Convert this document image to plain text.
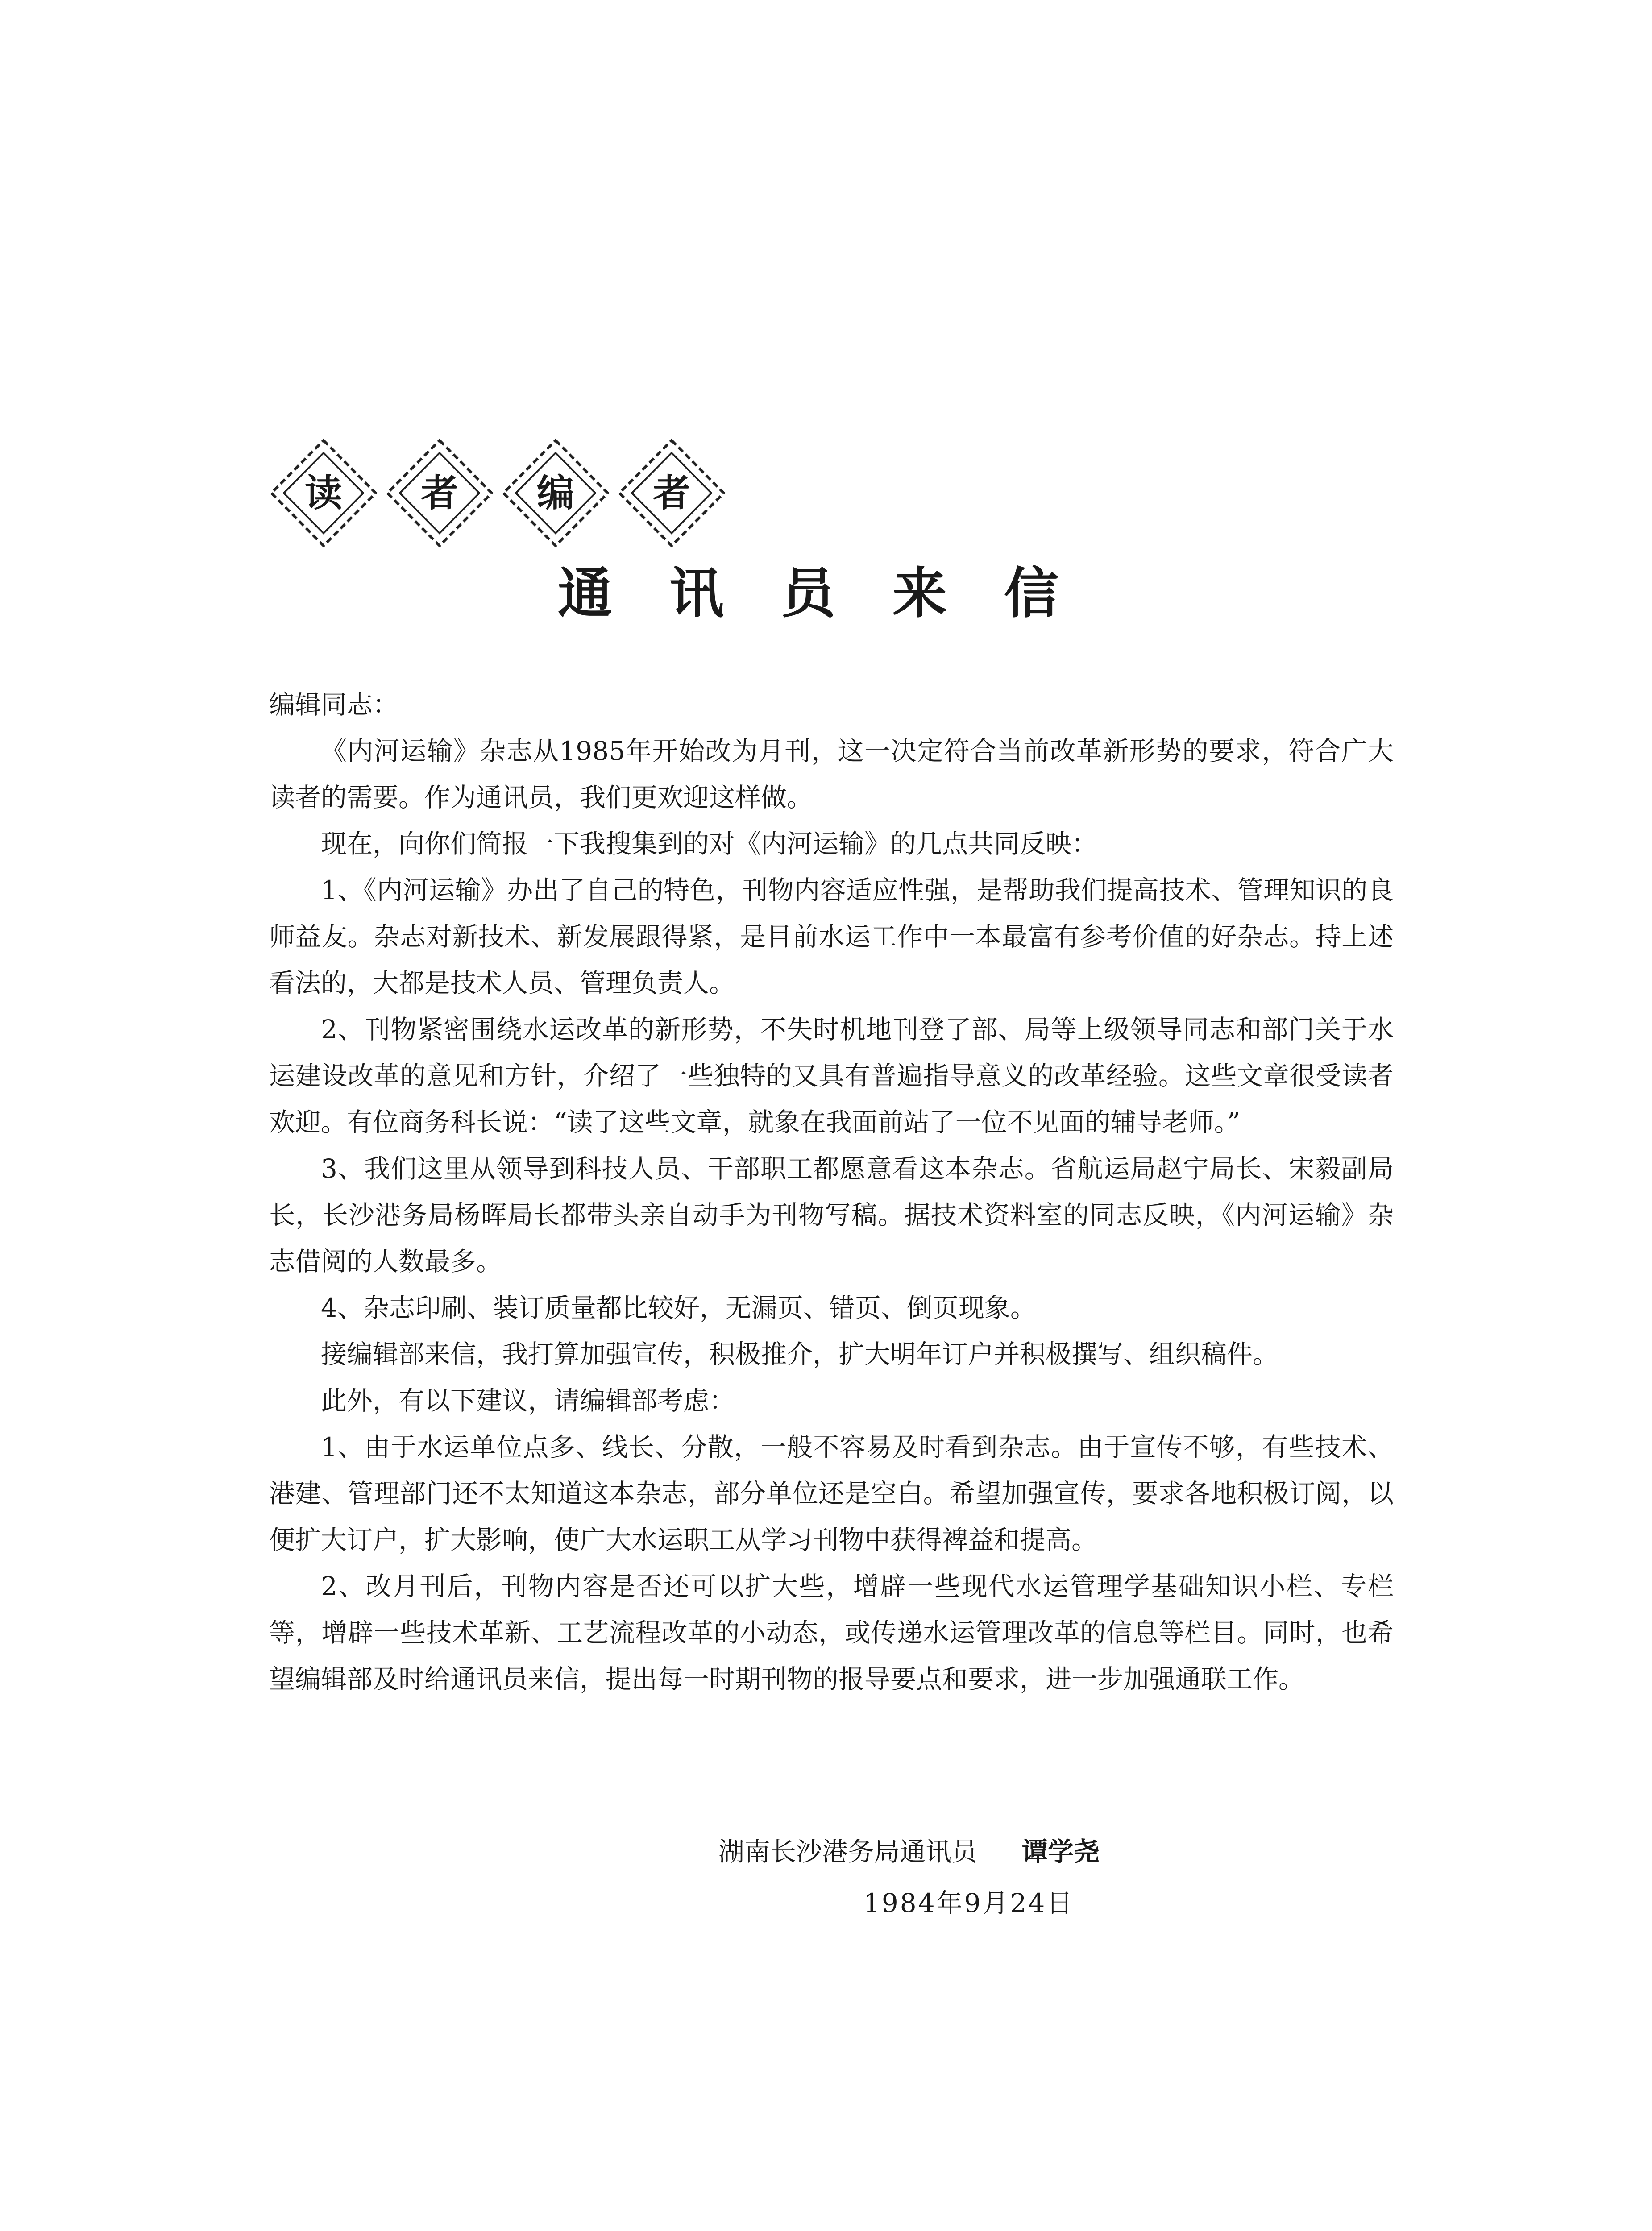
读 者 编 者
通讯员来信
编辑同志：

《内河运输》杂志从1985年开始改为月刊，这一决定符合当前改革新形势的要求，符合广大读者的需要。作为通讯员，我们更欢迎这样做。

现在，向你们简报一下我搜集到的对《内河运输》的几点共同反映：

1、《内河运输》办出了自己的特色，刊物内容适应性强，是帮助我们提高技术、管理知识的良师益友。杂志对新技术、新发展跟得紧，是目前水运工作中一本最富有参考价值的好杂志。持上述看法的，大都是技术人员、管理负责人。

2、刊物紧密围绕水运改革的新形势，不失时机地刊登了部、局等上级领导同志和部门关于水运建设改革的意见和方针，介绍了一些独特的又具有普遍指导意义的改革经验。这些文章很受读者欢迎。有位商务科长说：“读了这些文章，就象在我面前站了一位不见面的辅导老师。”

3、我们这里从领导到科技人员、干部职工都愿意看这本杂志。省航运局赵宁局长、宋毅副局长，长沙港务局杨晖局长都带头亲自动手为刊物写稿。据技术资料室的同志反映，《内河运输》杂志借阅的人数最多。

4、杂志印刷、装订质量都比较好，无漏页、错页、倒页现象。

接编辑部来信，我打算加强宣传，积极推介，扩大明年订户并积极撰写、组织稿件。

此外，有以下建议，请编辑部考虑：

1、由于水运单位点多、线长、分散，一般不容易及时看到杂志。由于宣传不够，有些技术、港建、管理部门还不太知道这本杂志，部分单位还是空白。希望加强宣传，要求各地积极订阅，以便扩大订户，扩大影响，使广大水运职工从学习刊物中获得裨益和提高。

2、改月刊后，刊物内容是否还可以扩大些，增辟一些现代水运管理学基础知识小栏、专栏等，增辟一些技术革新、工艺流程改革的小动态，或传递水运管理改革的信息等栏目。同时，也希望编辑部及时给通讯员来信，提出每一时期刊物的报导要点和要求，进一步加强通联工作。

湖南长沙港务局通讯员 谭学尧
1984年9月24日
